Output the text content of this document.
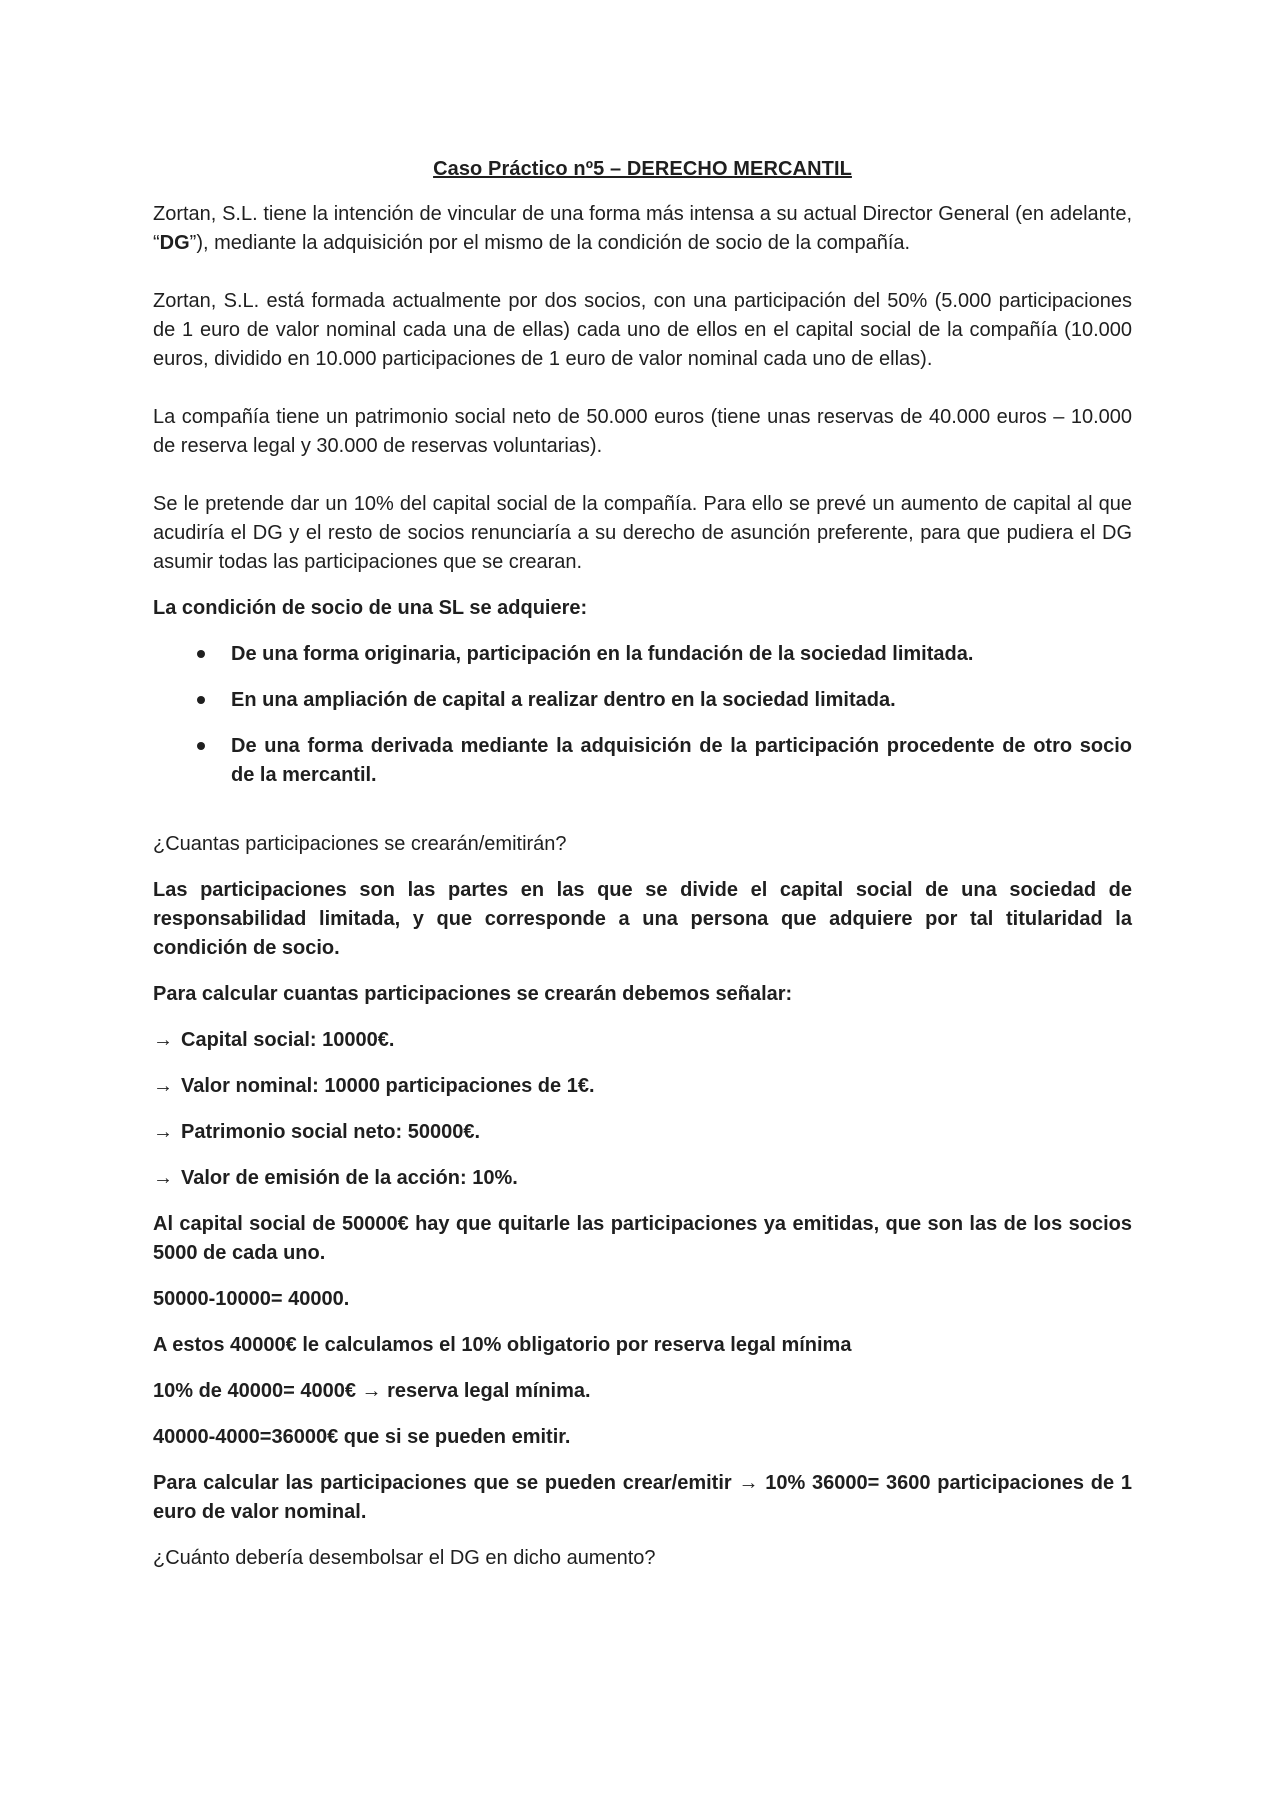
Caso Práctico nº5 – DERECHO MERCANTIL

Zortan, S.L. tiene la intención de vincular de una forma más intensa a su actual Director General (en adelante, “DG”), mediante la adquisición por el mismo de la condición de socio de la compañía.

Zortan, S.L. está formada actualmente por dos socios, con una participación del 50% (5.000 participaciones de 1 euro de valor nominal cada una de ellas) cada uno de ellos en el capital social de la compañía (10.000 euros, dividido en 10.000 participaciones de 1 euro de valor nominal cada uno de ellas).

La compañía tiene un patrimonio social neto de 50.000 euros (tiene unas reservas de 40.000 euros – 10.000 de reserva legal y 30.000 de reservas voluntarias).

Se le pretende dar un 10% del capital social de la compañía. Para ello se prevé un aumento de capital al que acudiría el DG y el resto de socios renunciaría a su derecho de asunción preferente, para que pudiera el DG asumir todas las participaciones que se crearan.

La condición de socio de una SL se adquiere:

De una forma originaria, participación en la fundación de la sociedad limitada.
En una ampliación de capital a realizar dentro en la sociedad limitada.
De una forma derivada mediante la adquisición de la participación procedente de otro socio de la mercantil.

¿Cuantas participaciones se crearán/emitirán?

Las participaciones son las partes en las que se divide el capital social de una sociedad de responsabilidad limitada, y que corresponde a una persona que adquiere por tal titularidad la condición de socio.

Para calcular cuantas participaciones se crearán debemos señalar:

→ Capital social: 10000€.

→ Valor nominal: 10000 participaciones de 1€.

→ Patrimonio social neto: 50000€.

→ Valor de emisión de la acción: 10%.

Al capital social de 50000€ hay que quitarle las participaciones ya emitidas, que son las de los socios 5000 de cada uno.

50000-10000= 40000.

A estos 40000€ le calculamos el 10% obligatorio por reserva legal mínima

10% de 40000= 4000€ → reserva legal mínima.

40000-4000=36000€ que si se pueden emitir.

Para calcular las participaciones que se pueden crear/emitir → 10% 36000= 3600 participaciones de 1 euro de valor nominal.

¿Cuánto debería desembolsar el DG en dicho aumento?
